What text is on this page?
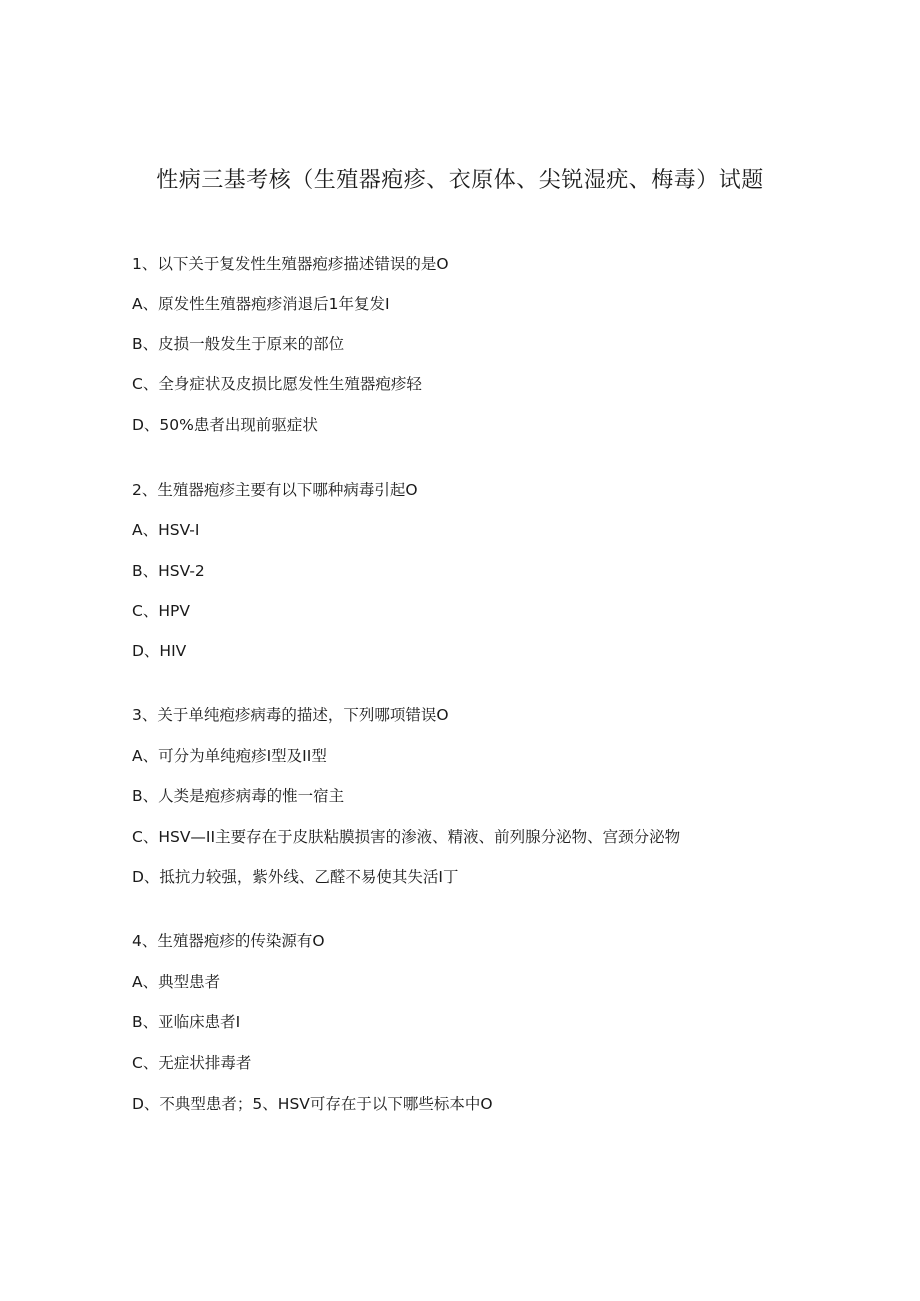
性病三基考核（生殖器疱疹、衣原体、尖锐湿疣、梅毒）试题

1、以下关于复发性生殖器疱疹描述错误的是O

A、原发性生殖器疱疹消退后1年复发I

B、皮损一般发生于原来的部位

C、全身症状及皮损比愿发性生殖器疱疹轻

D、50%患者出现前驱症状

2、生殖器疱疹主要有以下哪种病毒引起O

A、HSV-I

B、HSV-2

C、HPV

D、HIV

3、关于单纯疱疹病毒的描述，下列哪项错误O

A、可分为单纯疱疹I型及II型

B、人类是疱疹病毒的惟一宿主

C、HSV—II主要存在于皮肤粘膜损害的渗液、精液、前列腺分泌物、宫颈分泌物

D、抵抗力较强，紫外线、乙醛不易使其失活I丁

4、生殖器疱疹的传染源有O

A、典型患者

B、亚临床患者I

C、无症状排毒者

D、不典型患者；5、HSV可存在于以下哪些标本中O
